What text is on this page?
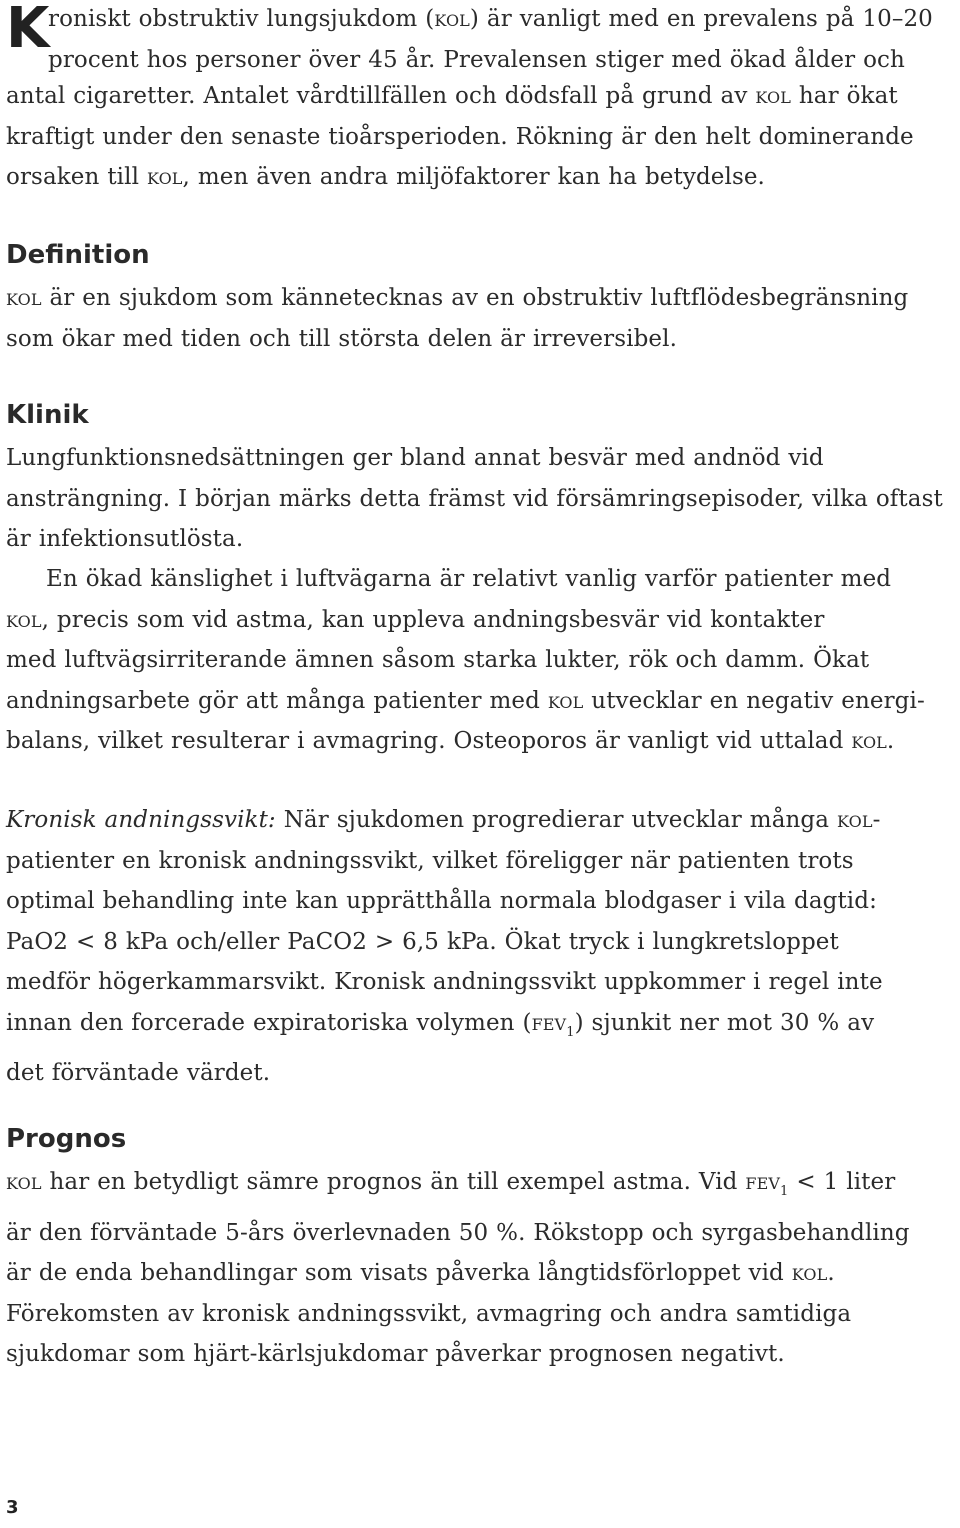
K

roniskt obstruktiv lungsjukdom (kol) är vanligt med en prevalens på 10–20
procent hos personer över 45 år. Prevalensen stiger med ökad ålder och

antal cigaretter. Antalet vårdtillfällen och dödsfall på grund av kol har ökat
kraftigt under den senaste tioårsperioden. Rökning är den helt dominerande
orsaken till kol, men även andra miljöfaktorer kan ha betydelse.

Definition

kol är en sjukdom som kännetecknas av en obstruktiv luftflödesbegränsning
som ökar med tiden och till största delen är irreversibel.

Klinik

Lungfunktionsnedsättningen ger bland annat besvär med andnöd vid
ansträngning. I början märks detta främst vid försämringsepisoder, vilka oftast
är infektionsutlösta.

En ökad känslighet i luftvägarna är relativt vanlig varför patienter med
kol, precis som vid astma, kan uppleva andningsbesvär vid kontakter
med luftvägsirriterande ämnen såsom starka lukter, rök och damm. Ökat
andningsarbete gör att många patienter med kol utvecklar en negativ energi-
balans, vilket resulterar i avmagring. Osteoporos är vanligt vid uttalad kol.

Kronisk andningssvikt: När sjukdomen progredierar utvecklar många kol-
patienter en kronisk andningssvikt, vilket föreligger när patienten trots
optimal behandling inte kan upprätthålla normala blodgaser i vila dagtid:
PaO2 < 8 kPa och/eller PaCO2 > 6,5 kPa. Ökat tryck i lungkretsloppet
medför högerkammarsvikt. Kronisk andningssvikt uppkommer i regel inte
innan den forcerade expiratoriska volymen (fev$_1$) sjunkit ner mot 30 % av
det förväntade värdet.

Prognos

kol har en betydligt sämre prognos än till exempel astma. Vid fev$_1$ < 1 liter
är den förväntade 5-års överlevnaden 50 %. Rökstopp och syrgasbehandling
är de enda behandlingar som visats påverka långtidsförloppet vid kol.
Förekomsten av kronisk andningssvikt, avmagring och andra samtidiga
sjukdomar som hjärt-kärlsjukdomar påverkar prognosen negativt.

3
